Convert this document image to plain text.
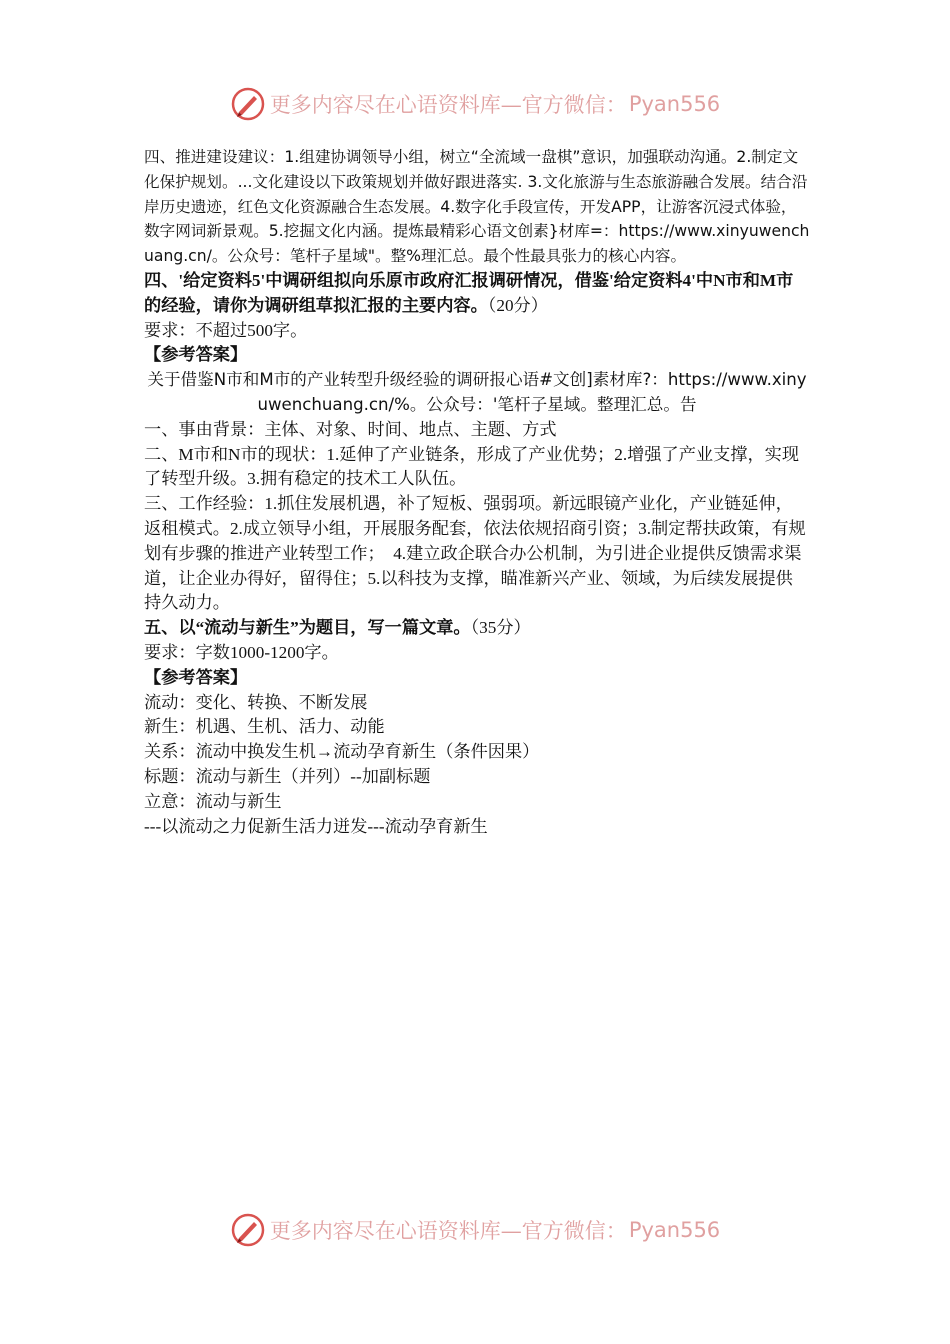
更多内容尽在心语资料库—官方微信： Pyan556

四、推进建设建议：1.组建协调领导小组，树立“全流域一盘棋”意识，加强联动沟通。2.制定文化保护规划。...文化建设以下政策规划并做好跟进落实. 3.文化旅游与生态旅游融合发展。结合沿岸历史遗迹，红色文化资源融合生态发展。4.数字化手段宣传，开发APP，让游客沉浸式体验，数字网词新景观。5.挖掘文化内涵。提炼最精彩心语文创素}材库=：https://www.xinyuwenchuang.cn/。公众号：笔杆子星域"。整%理汇总。最个性最具张力的核心内容。

四、'给定资料5'中调研组拟向乐原市政府汇报调研情况，借鉴'给定资料4'中N市和M市的经验，请你为调研组草拟汇报的主要内容。（20分）

要求：不超过500字。

【参考答案】

关于借鉴N市和M市的产业转型升级经验的调研报心语#文创]素材库?：https://www.xinyuwenchuang.cn/%。公众号：'笔杆子星域。整理汇总。告

一、事由背景：主体、对象、时间、地点、主题、方式

二、M市和N市的现状：1.延伸了产业链条，形成了产业优势；2.增强了产业支撑，实现了转型升级。3.拥有稳定的技术工人队伍。

三、工作经验：1.抓住发展机遇，补了短板、强弱项。新远眼镜产业化，产业链延伸，返租模式。2.成立领导小组，开展服务配套，依法依规招商引资；3.制定帮扶政策，有规划有步骤的推进产业转型工作；　4.建立政企联合办公机制，为引进企业提供反馈需求渠道，让企业办得好，留得住；5.以科技为支撑，瞄准新兴产业、领域，为后续发展提供持久动力。

五、以“流动与新生”为题目，写一篇文章。（35分）

要求：字数1000-1200字。

【参考答案】

流动：变化、转换、不断发展

新生：机遇、生机、活力、动能

关系：流动中换发生机→流动孕育新生（条件因果）

标题：流动与新生（并列）--加副标题

立意：流动与新生

---以流动之力促新生活力迸发---流动孕育新生

更多内容尽在心语资料库—官方微信： Pyan556
